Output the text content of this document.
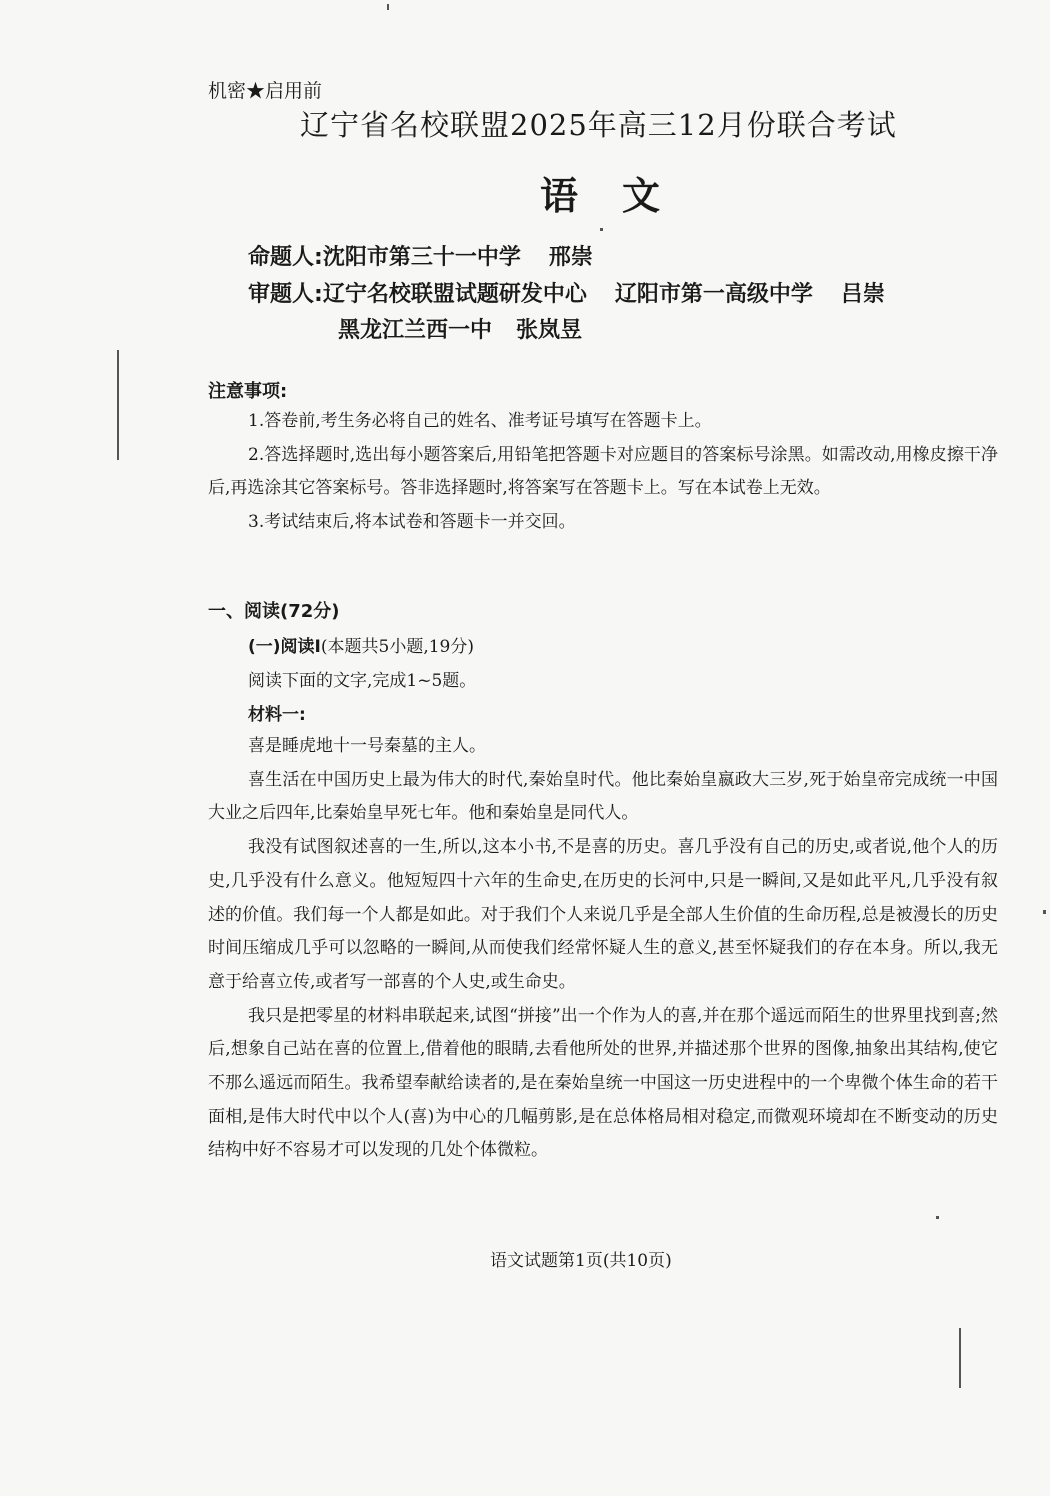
机密★启用前
辽宁省名校联盟2025年高三12月份联合考试
语文
命题人:沈阳市第三十一中学 邢崇
审题人:辽宁名校联盟试题研发中心 辽阳市第一高级中学 吕崇
黑龙江兰西一中 张岚昱
注意事项:

1.答卷前,考生务必将自己的姓名、准考证号填写在答题卡上。

2.答选择题时,选出每小题答案后,用铅笔把答题卡对应题目的答案标号涂黑。如需改动,用橡皮擦干净后,再选涂其它答案标号。答非选择题时,将答案写在答题卡上。写在本试卷上无效。

3.考试结束后,将本试卷和答题卡一并交回。

一、阅读(72分)
(一)阅读Ⅰ(本题共5小题,19分)
阅读下面的文字,完成1~5题。
材料一:

喜是睡虎地十一号秦墓的主人。

喜生活在中国历史上最为伟大的时代,秦始皇时代。他比秦始皇嬴政大三岁,死于始皇帝完成统一中国大业之后四年,比秦始皇早死七年。他和秦始皇是同代人。

我没有试图叙述喜的一生,所以,这本小书,不是喜的历史。喜几乎没有自己的历史,或者说,他个人的历史,几乎没有什么意义。他短短四十六年的生命史,在历史的长河中,只是一瞬间,又是如此平凡,几乎没有叙述的价值。我们每一个人都是如此。对于我们个人来说几乎是全部人生价值的生命历程,总是被漫长的历史时间压缩成几乎可以忽略的一瞬间,从而使我们经常怀疑人生的意义,甚至怀疑我们的存在本身。所以,我无意于给喜立传,或者写一部喜的个人史,或生命史。

我只是把零星的材料串联起来,试图“拼接”出一个作为人的喜,并在那个遥远而陌生的世界里找到喜;然后,想象自己站在喜的位置上,借着他的眼睛,去看他所处的世界,并描述那个世界的图像,抽象出其结构,使它不那么遥远而陌生。我希望奉献给读者的,是在秦始皇统一中国这一历史进程中的一个卑微个体生命的若干面相,是伟大时代中以个人(喜)为中心的几幅剪影,是在总体格局相对稳定,而微观环境却在不断变动的历史结构中好不容易才可以发现的几处个体微粒。

语文试题第1页(共10页)
